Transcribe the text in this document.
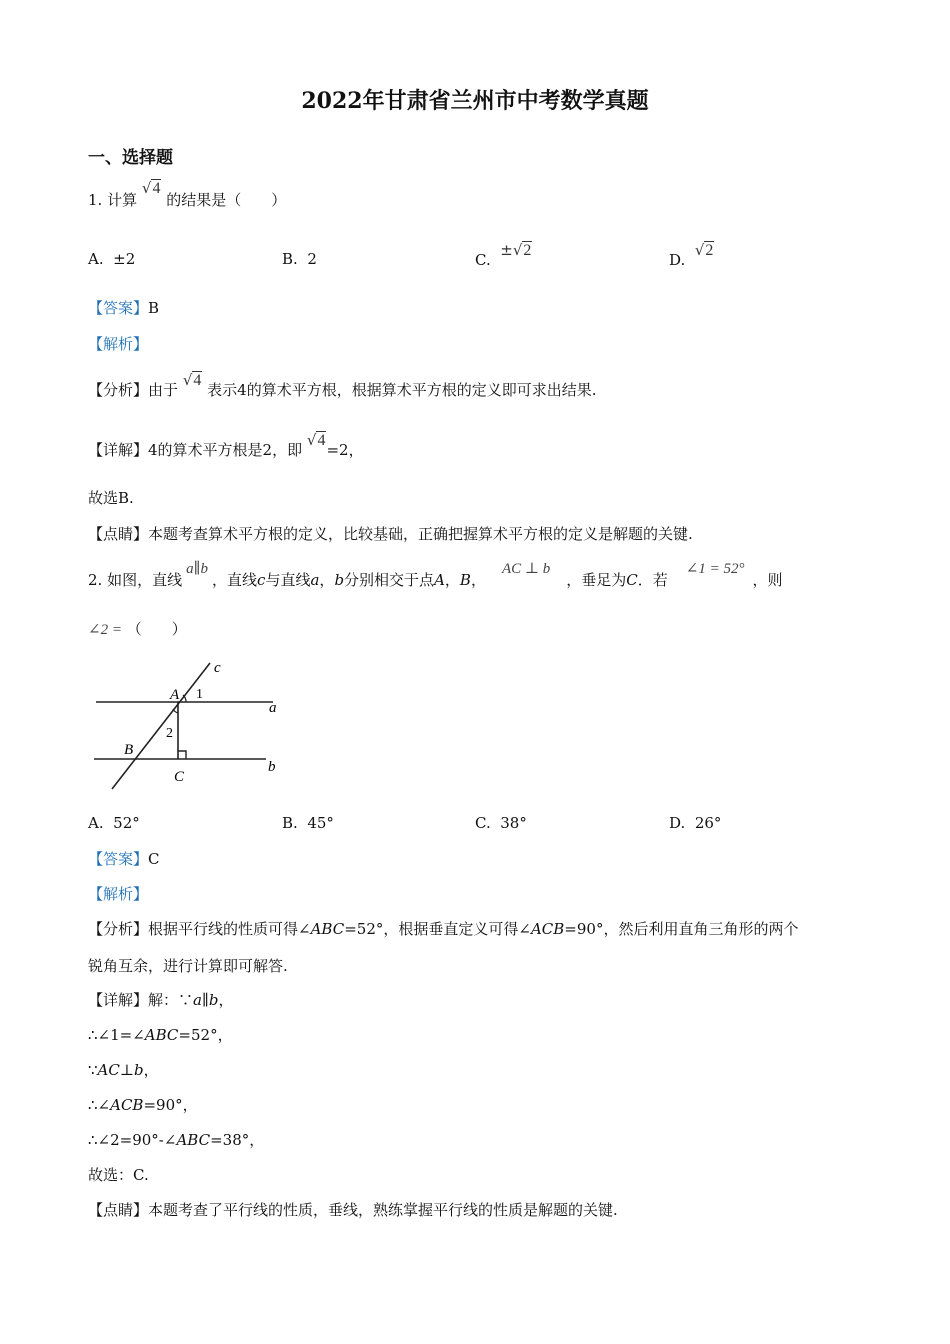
2022年甘肃省兰州市中考数学真题
一、选择题
1. 计算 √4 的结果是（　　）
A. ±2	B. 2	C.  ±√2
D.  √2
【答案】B
【解析】
【分析】由于 √4 表示4的算术平方根，根据算术平方根的定义即可求出结果.
【详解】4的算术平方根是2，即 √4=2，
故选B.
【点睛】本题考查算术平方根的定义，比较基础，正确把握算术平方根的定义是解题的关键.
2. 如图，直线a∥b，直线c与直线a，b分别相交于点A，B，AC ⊥ b，垂足为C．若∠1 = 52°，则
∠2 = （　　）
c
A 1
a
2
B
C
b
A. 52°	B. 45°	C. 38°	D. 26°
【答案】C
【解析】
【分析】根据平行线的性质可得∠ABC=52°，根据垂直定义可得∠ACB=90°，然后利用直角三角形的两个
锐角互余，进行计算即可解答.
【详解】解：∵a∥b，
∴∠1=∠ABC=52°，
∵AC⊥b，
∴∠ACB=90°，
∴∠2=90°-∠ABC=38°，
故选：C.
【点睛】本题考查了平行线的性质，垂线，熟练掌握平行线的性质是解题的关键.
